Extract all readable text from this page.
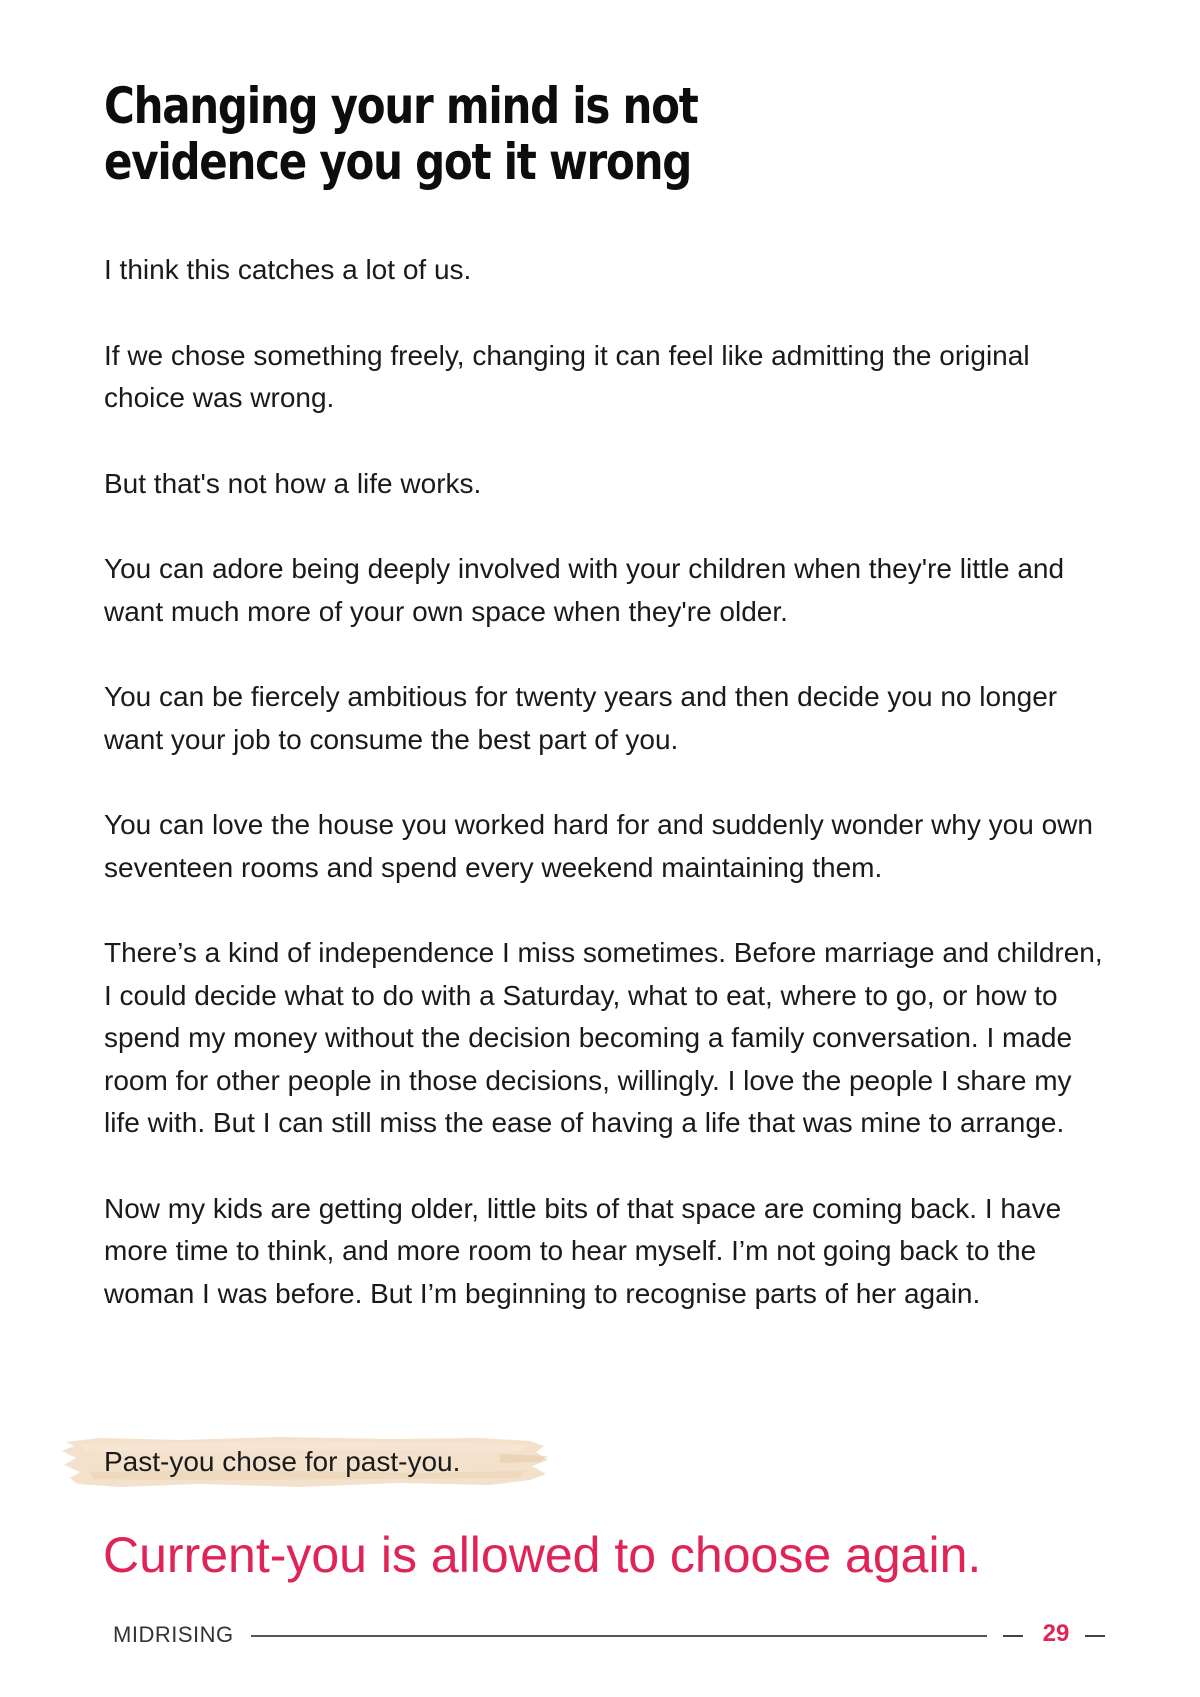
Changing your mind is not evidence you got it wrong

I think this catches a lot of us.

If we chose something freely, changing it can feel like admitting the original choice was wrong.

But that's not how a life works.

You can adore being deeply involved with your children when they're little and want much more of your own space when they're older.

You can be fiercely ambitious for twenty years and then decide you no longer want your job to consume the best part of you.

You can love the house you worked hard for and suddenly wonder why you own seventeen rooms and spend every weekend maintaining them.

There’s a kind of independence I miss sometimes. Before marriage and children, I could decide what to do with a Saturday, what to eat, where to go, or how to spend my money without the decision becoming a family conversation. I made room for other people in those decisions, willingly. I love the people I share my life with. But I can still miss the ease of having a life that was mine to arrange.

Now my kids are getting older, little bits of that space are coming back. I have more time to think, and more room to hear myself. I’m not going back to the woman I was before. But I’m beginning to recognise parts of her again.

Past-you chose for past-you.

Current-you is allowed to choose again.

MIDRISING	29
